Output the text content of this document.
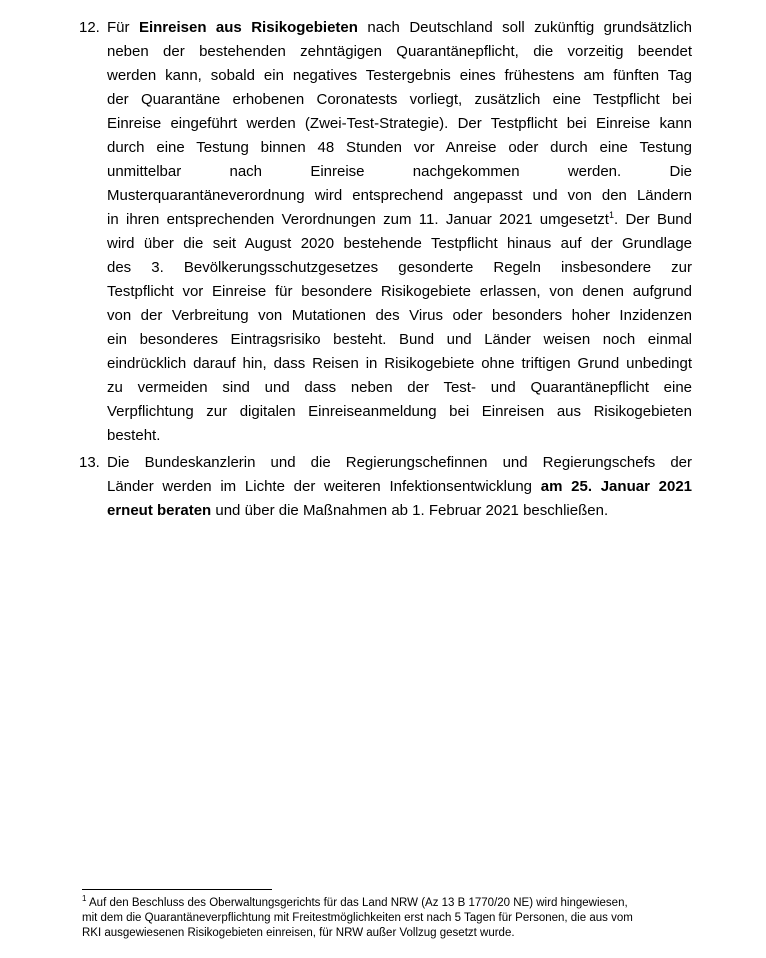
12. Für Einreisen aus Risikogebieten nach Deutschland soll zukünftig grundsätzlich
neben der bestehenden zehntägigen Quarantänepflicht, die vorzeitig beendet
werden kann, sobald ein negatives Testergebnis eines frühestens am fünften Tag
der Quarantäne erhobenen Coronatests vorliegt, zusätzlich eine Testpflicht bei
Einreise eingeführt werden (Zwei-Test-Strategie). Der Testpflicht bei Einreise kann
durch eine Testung binnen 48 Stunden vor Anreise oder durch eine Testung
unmittelbar nach Einreise nachgekommen werden. Die
Musterquarantäneverordnung wird entsprechend angepasst und von den Ländern
in ihren entsprechenden Verordnungen zum 11. Januar 2021 umgesetzt$^1$. Der Bund
wird über die seit August 2020 bestehende Testpflicht hinaus auf der Grundlage
des 3. Bevölkerungsschutzgesetzes gesonderte Regeln insbesondere zur
Testpflicht vor Einreise für besondere Risikogebiete erlassen, von denen aufgrund
von der Verbreitung von Mutationen des Virus oder besonders hoher Inzidenzen
ein besonderes Eintragsrisiko besteht. Bund und Länder weisen noch einmal
eindrücklich darauf hin, dass Reisen in Risikogebiete ohne triftigen Grund unbedingt
zu vermeiden sind und dass neben der Test- und Quarantänepflicht eine
Verpflichtung zur digitalen Einreiseanmeldung bei Einreisen aus Risikogebieten
besteht.
13. Die Bundeskanzlerin und die Regierungschefinnen und Regierungschefs der
Länder werden im Lichte der weiteren Infektionsentwicklung am 25. Januar 2021
erneut beraten und über die Maßnahmen ab 1. Februar 2021 beschließen.
$^1$ Auf den Beschluss des Oberwaltungsgerichts für das Land NRW (Az 13 B 1770/20 NE) wird hingewiesen,
mit dem die Quarantäneverpflichtung mit Freitestmöglichkeiten erst nach 5 Tagen für Personen, die aus vom
RKI ausgewiesenen Risikogebieten einreisen, für NRW außer Vollzug gesetzt wurde.
